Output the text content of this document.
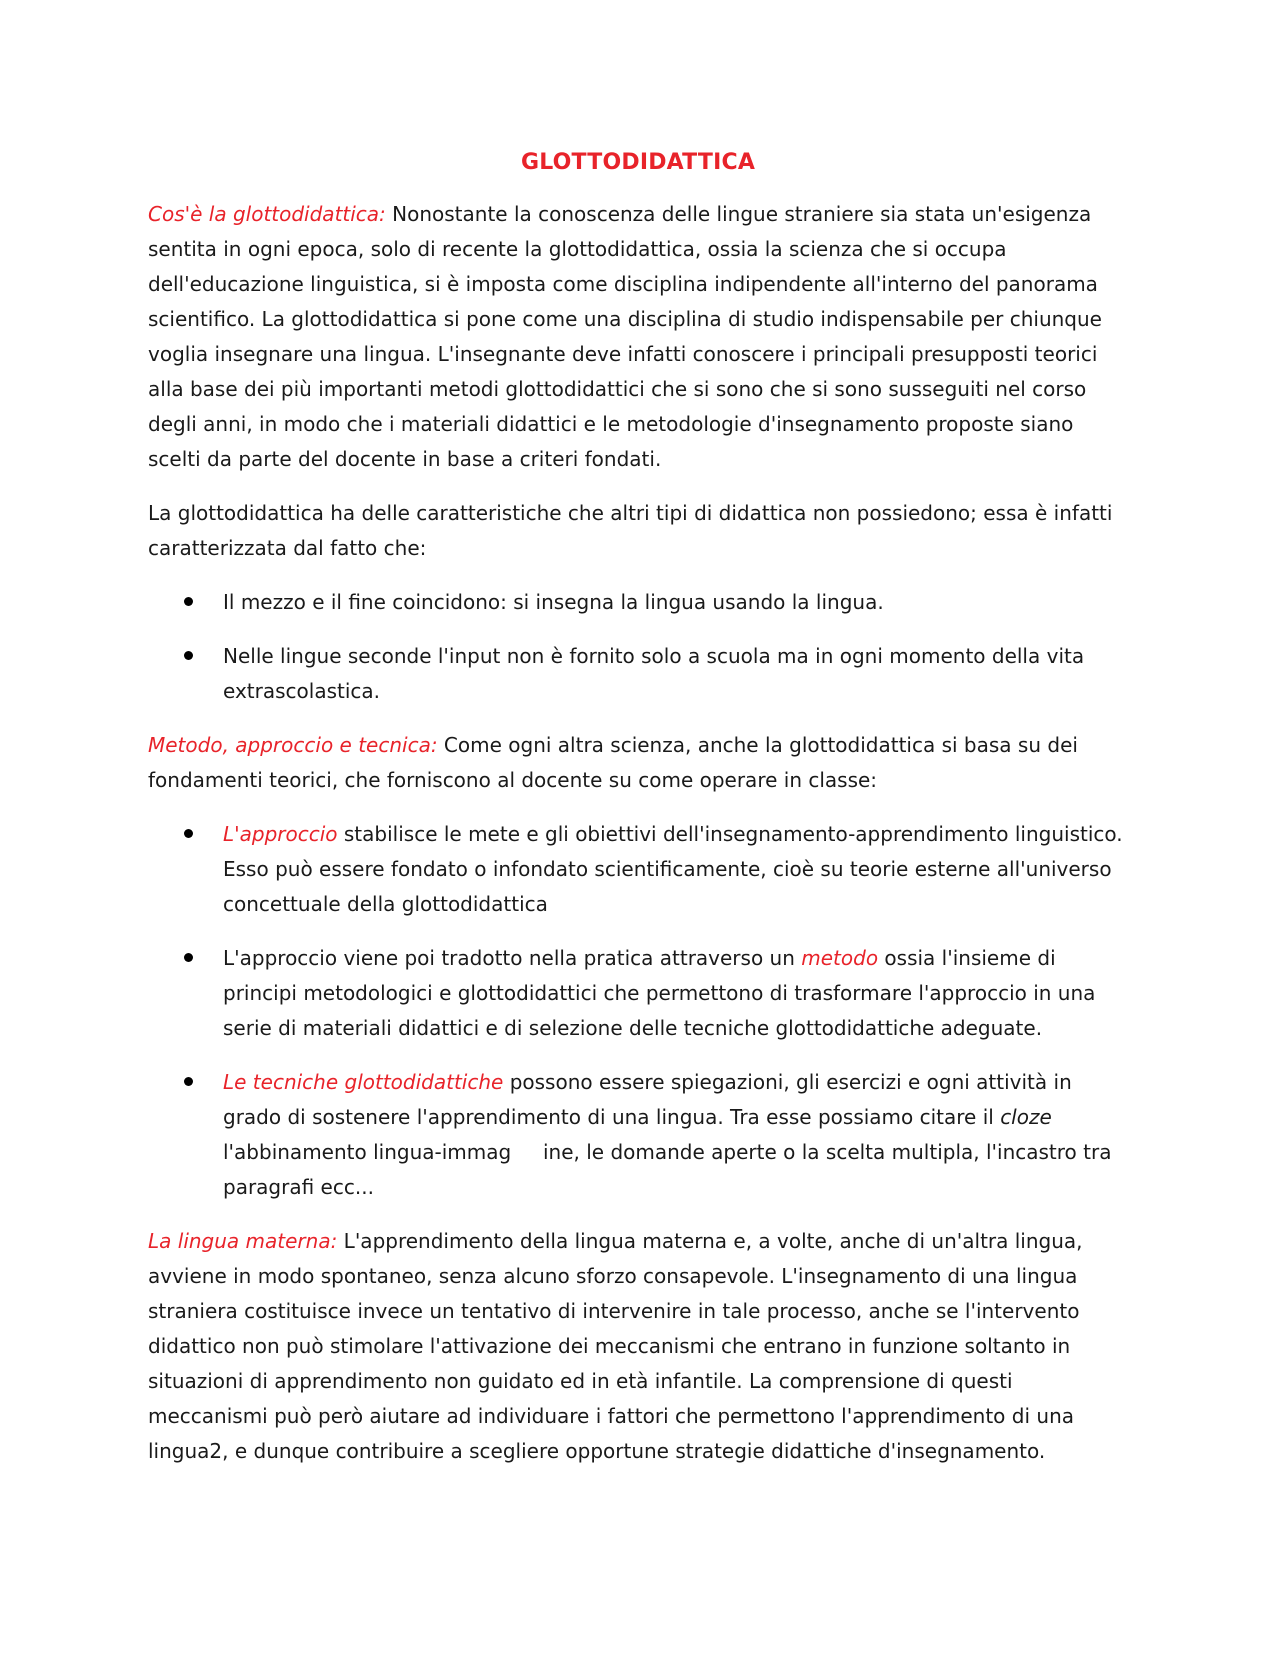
GLOTTODIDATTICA

Cos'è la glottodidattica: Nonostante la conoscenza delle lingue straniere sia stata un'esigenza sentita in ogni epoca, solo di recente la glottodidattica, ossia la scienza che si occupa dell'educazione linguistica, si è imposta come disciplina indipendente all'interno del panorama scientifico. La glottodidattica si pone come una disciplina di studio indispensabile per chiunque voglia insegnare una lingua. L'insegnante deve infatti conoscere i principali presupposti teorici alla base dei più importanti metodi glottodidattici che si sono che si sono susseguiti nel corso degli anni, in modo che i materiali didattici e le metodologie d'insegnamento proposte siano scelti da parte del docente in base a criteri fondati.

La glottodidattica ha delle caratteristiche che altri tipi di didattica non possiedono; essa è infatti caratterizzata dal fatto che:

Il mezzo e il fine coincidono: si insegna la lingua usando la lingua.
Nelle lingue seconde l'input non è fornito solo a scuola ma in ogni momento della vita extrascolastica.

Metodo, approccio e tecnica: Come ogni altra scienza, anche la glottodidattica si basa su dei fondamenti teorici, che forniscono al docente su come operare in classe:

L'approccio stabilisce le mete e gli obiettivi dell'insegnamento-apprendimento linguistico. Esso può essere fondato o infondato scientificamente, cioè su teorie esterne all'universo concettuale della glottodidattica
L'approccio viene poi tradotto nella pratica attraverso un metodo ossia l'insieme di principi metodologici e glottodidattici che permettono di trasformare l'approccio in una serie di materiali didattici e di selezione delle tecniche glottodidattiche adeguate.
Le tecniche glottodidattiche possono essere spiegazioni, gli esercizi e ogni attività in grado di sostenere l'apprendimento di una lingua. Tra esse possiamo citare il cloze l'abbinamento lingua-immag     ine, le domande aperte o la scelta multipla, l'incastro tra paragrafi ecc...

La lingua materna: L'apprendimento della lingua materna e, a volte, anche di un'altra lingua, avviene in modo spontaneo, senza alcuno sforzo consapevole. L'insegnamento di una lingua straniera costituisce invece un tentativo di intervenire in tale processo, anche se l'intervento didattico non può stimolare l'attivazione dei meccanismi che entrano in funzione soltanto in situazioni di apprendimento non guidato ed in età infantile. La comprensione di questi meccanismi può però aiutare ad individuare i fattori che permettono l'apprendimento di una lingua2, e dunque contribuire a scegliere opportune strategie didattiche d'insegnamento.
